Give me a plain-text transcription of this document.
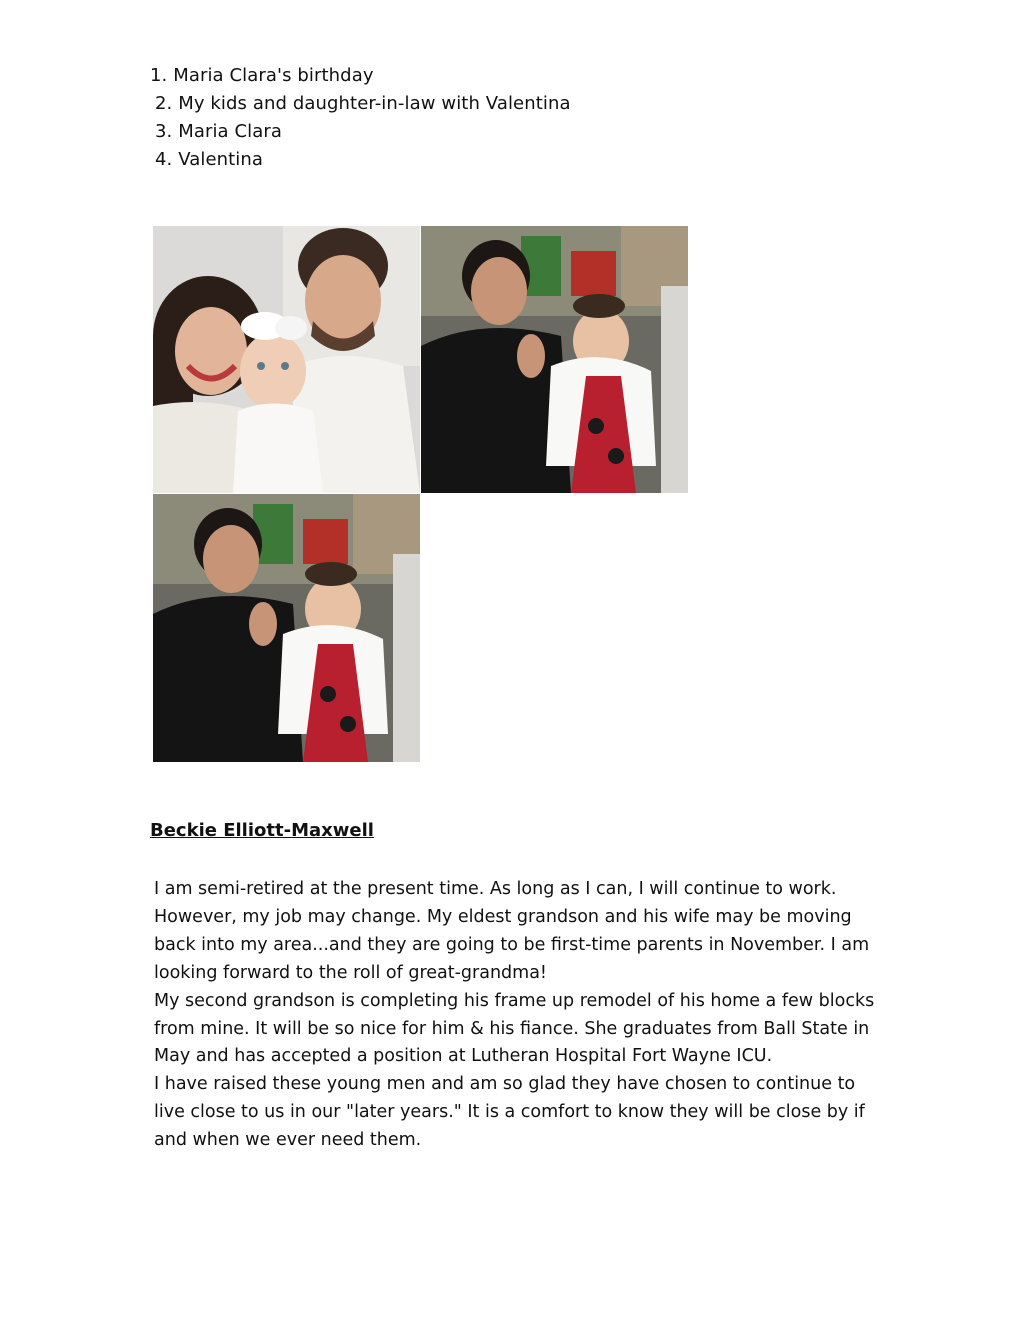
1. Maria Clara's birthday
2. My kids and daughter-in-law with Valentina
3. Maria Clara
4. Valentina
Beckie Elliott-Maxwell

I am semi-retired at the present time. As long as I can, I will continue to work. However, my job may change. My eldest grandson and his wife may be moving back into my area...and they are going to be first-time parents in November. I am looking forward to the roll of great-grandma!

My second grandson is completing his frame up remodel of his home a few blocks from mine. It will be so nice for him & his fiance. She graduates from Ball State in May and has accepted a position at Lutheran Hospital Fort Wayne ICU.

I have raised these young men and am so glad they have chosen to continue to live close to us in our "later years." It is a comfort to know they will be close by if and when we ever need them.
